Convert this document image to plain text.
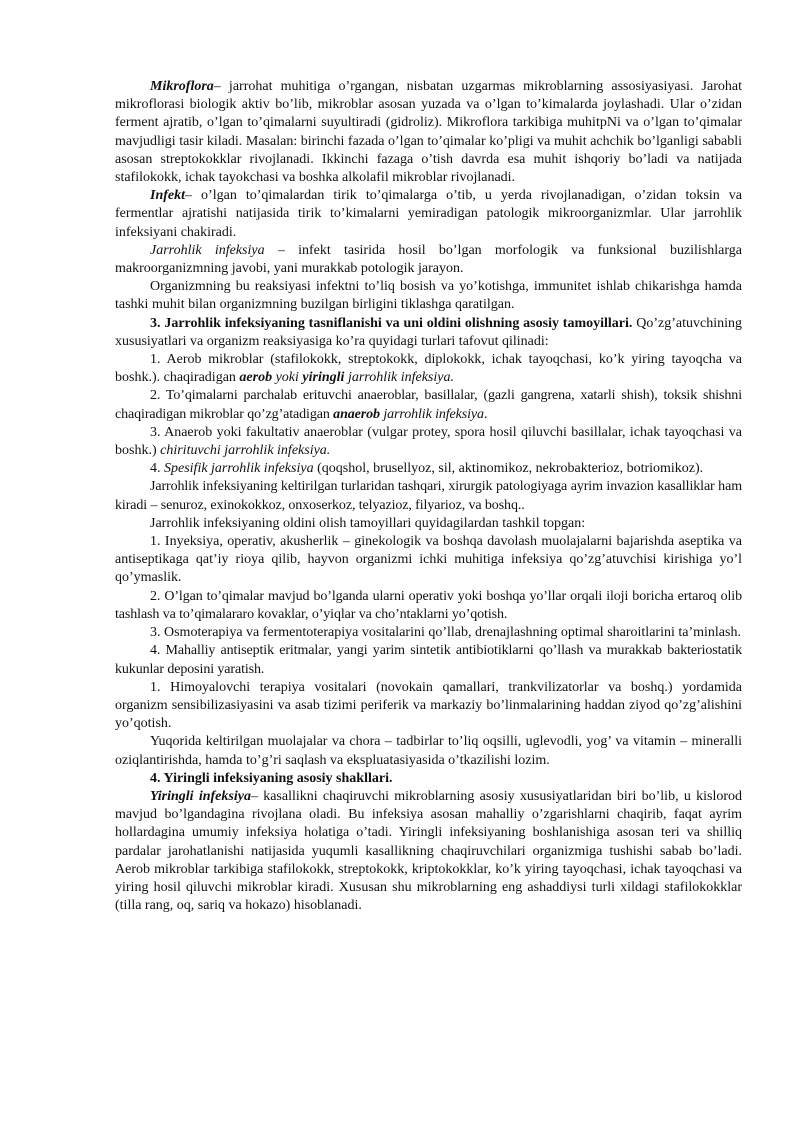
Mikroflora– jarrohat muhitiga o’rgangan, nisbatan uzgarmas mikroblarning assosiyasiyasi. Jarohat mikroflorasi biologik aktiv bo’lib, mikroblar asosan yuzada va o’lgan to’kimalarda joylashadi. Ular o’zidan ferment ajratib, o’lgan to’qimalarni suyultiradi (gidroliz). Mikroflora tarkibiga muhitpNi va o’lgan to’qimalar mavjudligi tasir kiladi. Masalan: birinchi fazada o’lgan to’qimalar ko’pligi va muhit achchik bo’lganligi sababli asosan streptokokklar rivojlanadi. Ikkinchi fazaga o’tish davrda esa muhit ishqoriy bo’ladi va natijada stafilokokk, ichak tayokchasi va boshka alkolafil mikroblar rivojlanadi.

Infekt– o’lgan to’qimalardan tirik to’qimalarga o’tib, u yerda rivojlanadigan, o’zidan toksin va fermentlar ajratishi natijasida tirik to’kimalarni yemiradigan patologik mikroorganizmlar. Ular jarrohlik infeksiyani chakiradi.

Jarrohlik infeksiya – infekt tasirida hosil bo’lgan morfologik va funksional buzilishlarga makroorganizmning javobi, yani murakkab potologik jarayon.

Organizmning bu reaksiyasi infektni to’liq bosish va yo’kotishga, immunitet ishlab chikarishga hamda tashki muhit bilan organizmning buzilgan birligini tiklashga qaratilgan.

3. Jarrohlik infeksiyaning tasniflanishi va uni oldini olishning asosiy tamoyillari. Qo’zg’atuvchining xususiyatlari va organizm reaksiyasiga ko’ra quyidagi turlari tafovut qilinadi:

1. Aerob mikroblar (stafilokokk, streptokokk, diplokokk, ichak tayoqchasi, ko’k yiring tayoqcha va boshk.). chaqiradigan aerob yoki yiringli jarrohlik infeksiya.

2. To’qimalarni parchalab erituvchi anaeroblar, basillalar, (gazli gangrena, xatarli shish), toksik shishni chaqiradigan mikroblar qo’zg’atadigan anaerob jarrohlik infeksiya.

3. Anaerob yoki fakultativ anaeroblar (vulgar protey, spora hosil qiluvchi basillalar, ichak tayoqchasi va boshk.) chirituvchi jarrohlik infeksiya.

4. Spesifik jarrohlik infeksiya (qoqshol, brusellyoz, sil, aktinomikoz, nekrobakterioz, botriomikoz).

Jarrohlik infeksiyaning keltirilgan turlaridan tashqari, xirurgik patologiyaga ayrim invazion kasalliklar ham kiradi – senuroz, exinokokkoz, onxoserkoz, telyazioz, filyarioz, va boshq..

Jarrohlik infeksiyaning oldini olish tamoyillari quyidagilardan tashkil topgan:

1. Inyeksiya, operativ, akusherlik – ginekologik va boshqa davolash muolajalarni bajarishda aseptika va antiseptikaga qat’iy rioya qilib, hayvon organizmi ichki muhitiga infeksiya qo’zg’atuvchisi kirishiga yo’l qo’ymaslik.

2. O’lgan to’qimalar mavjud bo’lganda ularni operativ yoki boshqa yo’llar orqali iloji boricha ertaroq olib tashlash va to’qimalararo kovaklar, o’yiqlar va cho’ntaklarni yo’qotish.

3. Osmoterapiya va fermentoterapiya vositalarini qo’llab, drenajlashning optimal sharoitlarini ta’minlash.

4. Mahalliy antiseptik eritmalar, yangi yarim sintetik antibiotiklarni qo’llash va murakkab bakteriostatik kukunlar deposini yaratish.

1. Himoyalovchi terapiya vositalari (novokain qamallari, trankvilizatorlar va boshq.) yordamida organizm sensibilizasiyasini va asab tizimi periferik va markaziy bo’linmalarining haddan ziyod qo’zg’alishini yo’qotish.

Yuqorida keltirilgan muolajalar va chora – tadbirlar to’liq oqsilli, uglevodli, yog’ va vitamin – mineralli oziqlantirishda, hamda to’g’ri saqlash va ekspluatasiyasida o’tkazilishi lozim.

4. Yiringli infeksiyaning asosiy shakllari.

Yiringli infeksiya– kasallikni chaqiruvchi mikroblarning asosiy xususiyatlaridan biri bo’lib, u kislorod mavjud bo’lgandagina rivojlana oladi. Bu infeksiya asosan mahalliy o’zgarishlarni chaqirib, faqat ayrim hollardagina umumiy infeksiya holatiga o’tadi. Yiringli infeksiyaning boshlanishiga asosan teri va shilliq pardalar jarohatlanishi natijasida yuqumli kasallikning chaqiruvchilari organizmiga tushishi sabab bo’ladi. Aerob mikroblar tarkibiga stafilokokk, streptokokk, kriptokokklar, ko’k yiring tayoqchasi, ichak tayoqchasi va yiring hosil qiluvchi mikroblar kiradi. Xususan shu mikroblarning eng ashaddiysi turli xildagi stafilokokklar (tilla rang, oq, sariq va hokazo) hisoblanadi.
